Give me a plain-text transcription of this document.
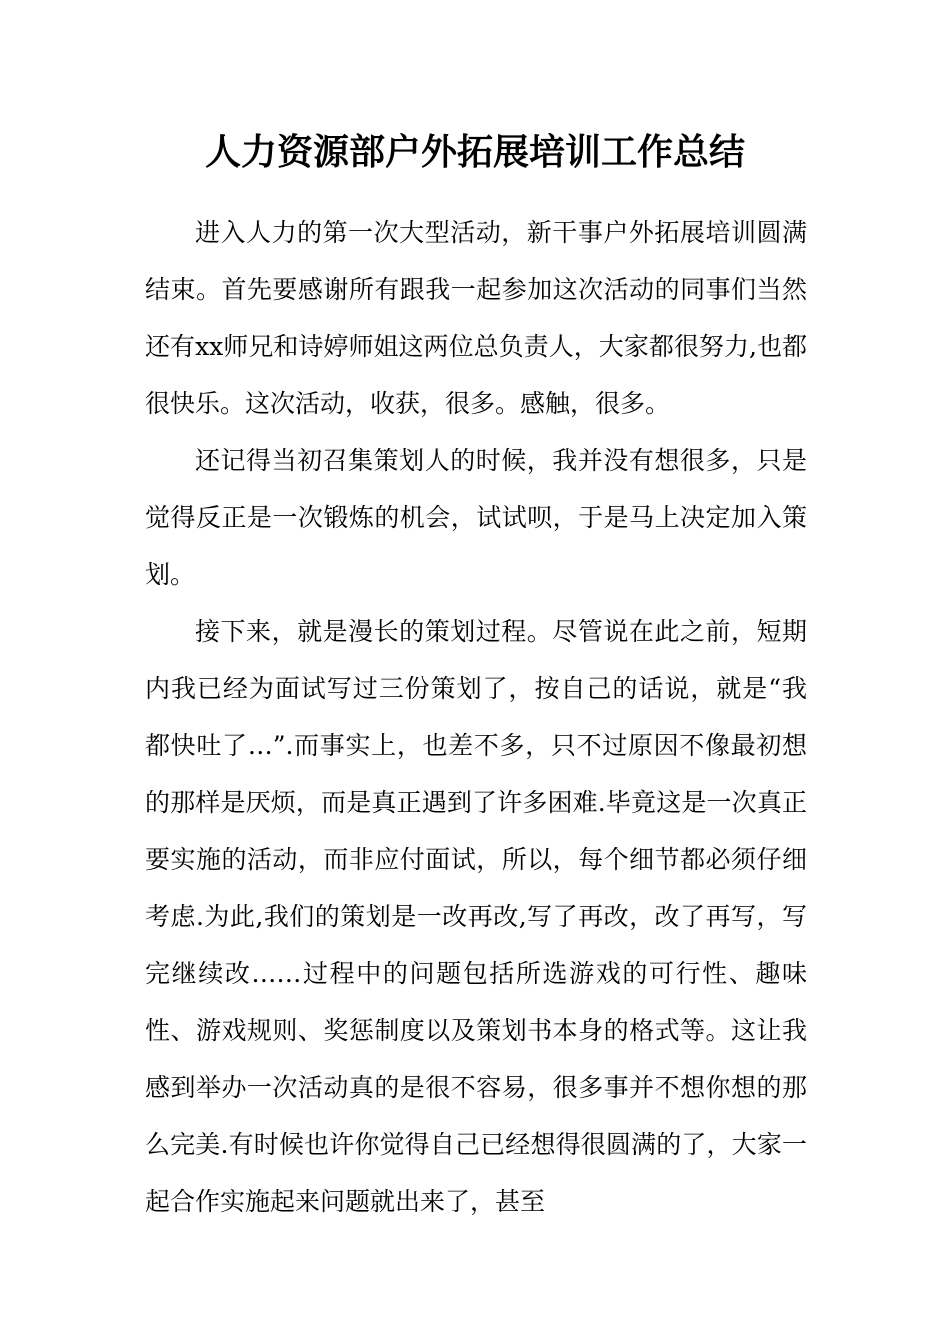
人力资源部户外拓展培训工作总结

进入人力的第一次大型活动，新干事户外拓展培训圆满结束。首先要感谢所有跟我一起参加这次活动的同事们当然还有xx师兄和诗婷师姐这两位总负责人，大家都很努力,也都很快乐。这次活动，收获，很多。感触，很多。

还记得当初召集策划人的时候，我并没有想很多，只是觉得反正是一次锻炼的机会，试试呗，于是马上决定加入策划。

接下来，就是漫长的策划过程。尽管说在此之前，短期内我已经为面试写过三份策划了，按自己的话说，就是“我都快吐了…”.而事实上，也差不多，只不过原因不像最初想的那样是厌烦，而是真正遇到了许多困难.毕竟这是一次真正要实施的活动，而非应付面试，所以，每个细节都必须仔细考虑.为此,我们的策划是一改再改,写了再改，改了再写，写完继续改……过程中的问题包括所选游戏的可行性、趣味性、游戏规则、奖惩制度以及策划书本身的格式等。这让我感到举办一次活动真的是很不容易，很多事并不想你想的那么完美.有时候也许你觉得自己已经想得很圆满的了，大家一起合作实施起来问题就出来了，甚至
